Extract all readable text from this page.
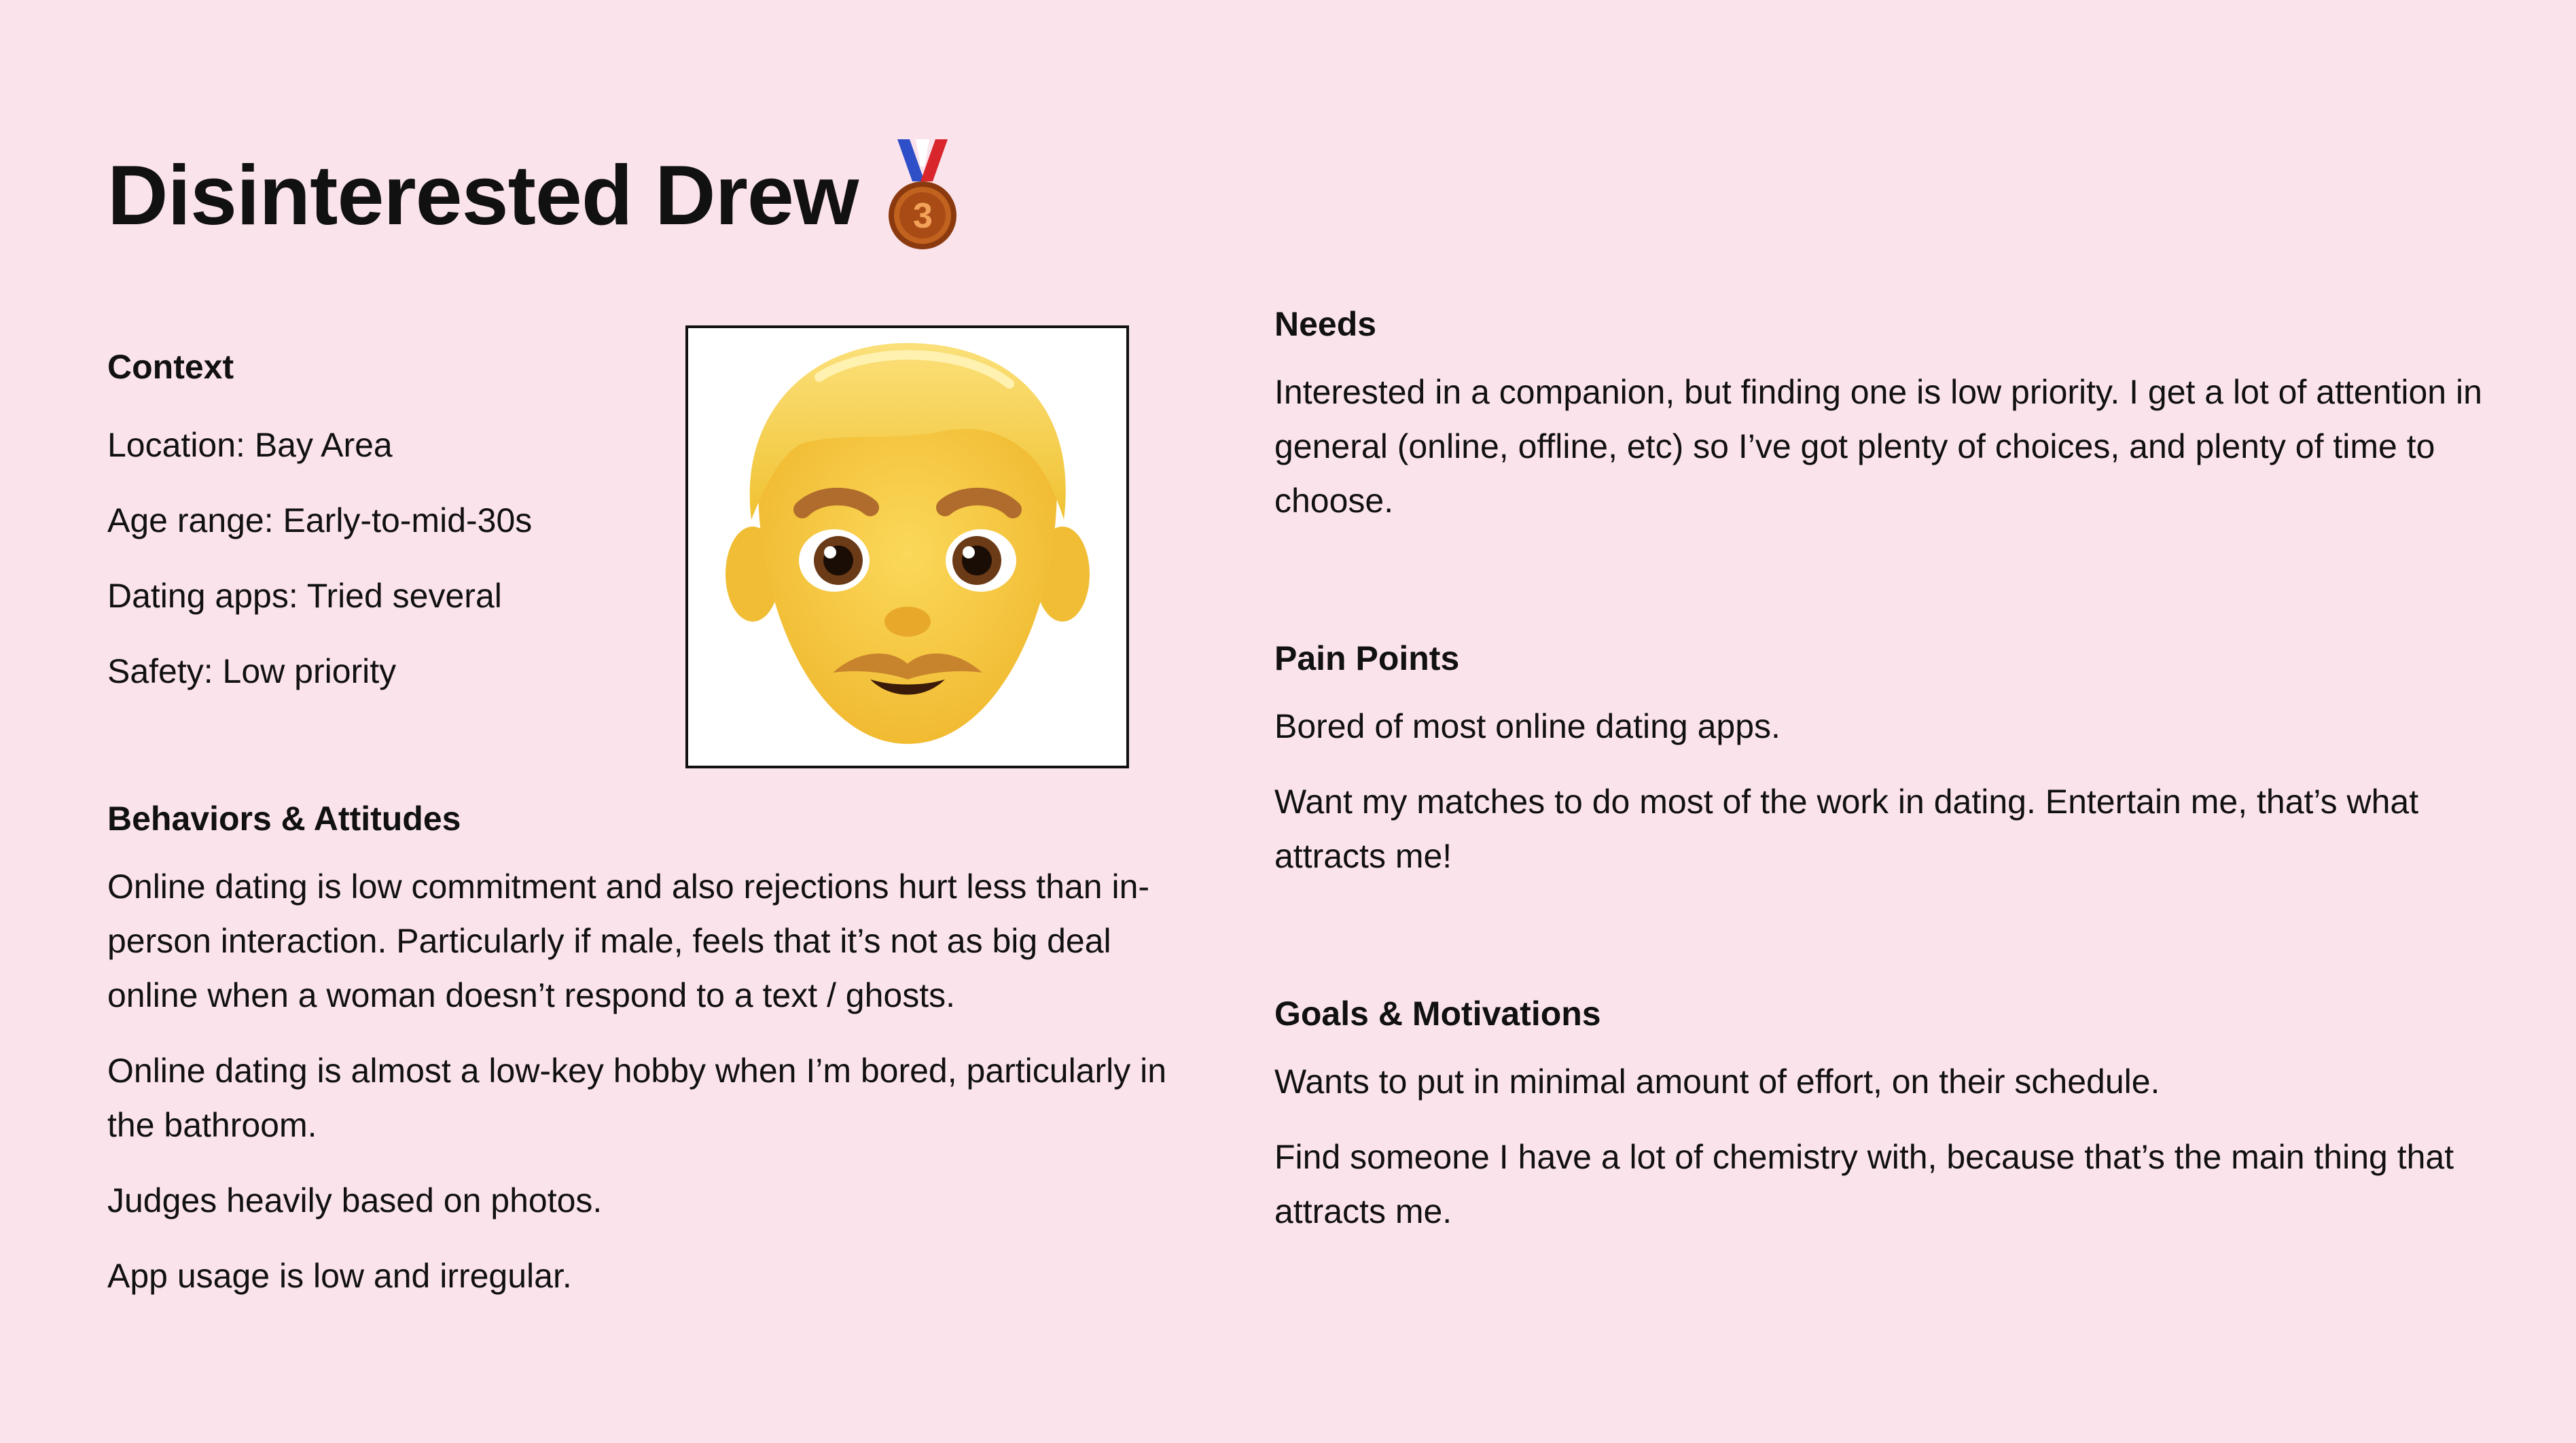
Disinterested Drew 3

Context

Location: Bay Area

Age range: Early-to-mid-30s

Dating apps: Tried several

Safety: Low priority

Behaviors & Attitudes

Online dating is low commitment and also rejections hurt less than in-person interaction. Particularly if male, feels that it’s not as big deal online when a woman doesn’t respond to a text / ghosts.

Online dating is almost a low-key hobby when I’m bored, particularly in the bathroom.

Judges heavily based on photos.

App usage is low and irregular.

Needs

Interested in a companion, but finding one is low priority. I get a lot of attention in general (online, offline, etc) so I’ve got plenty of choices, and plenty of time to choose.

Pain Points

Bored of most online dating apps.

Want my matches to do most of the work in dating. Entertain me, that’s what attracts me!

Goals & Motivations

Wants to put in minimal amount of effort, on their schedule.

Find someone I have a lot of chemistry with, because that’s the main thing that attracts me.
